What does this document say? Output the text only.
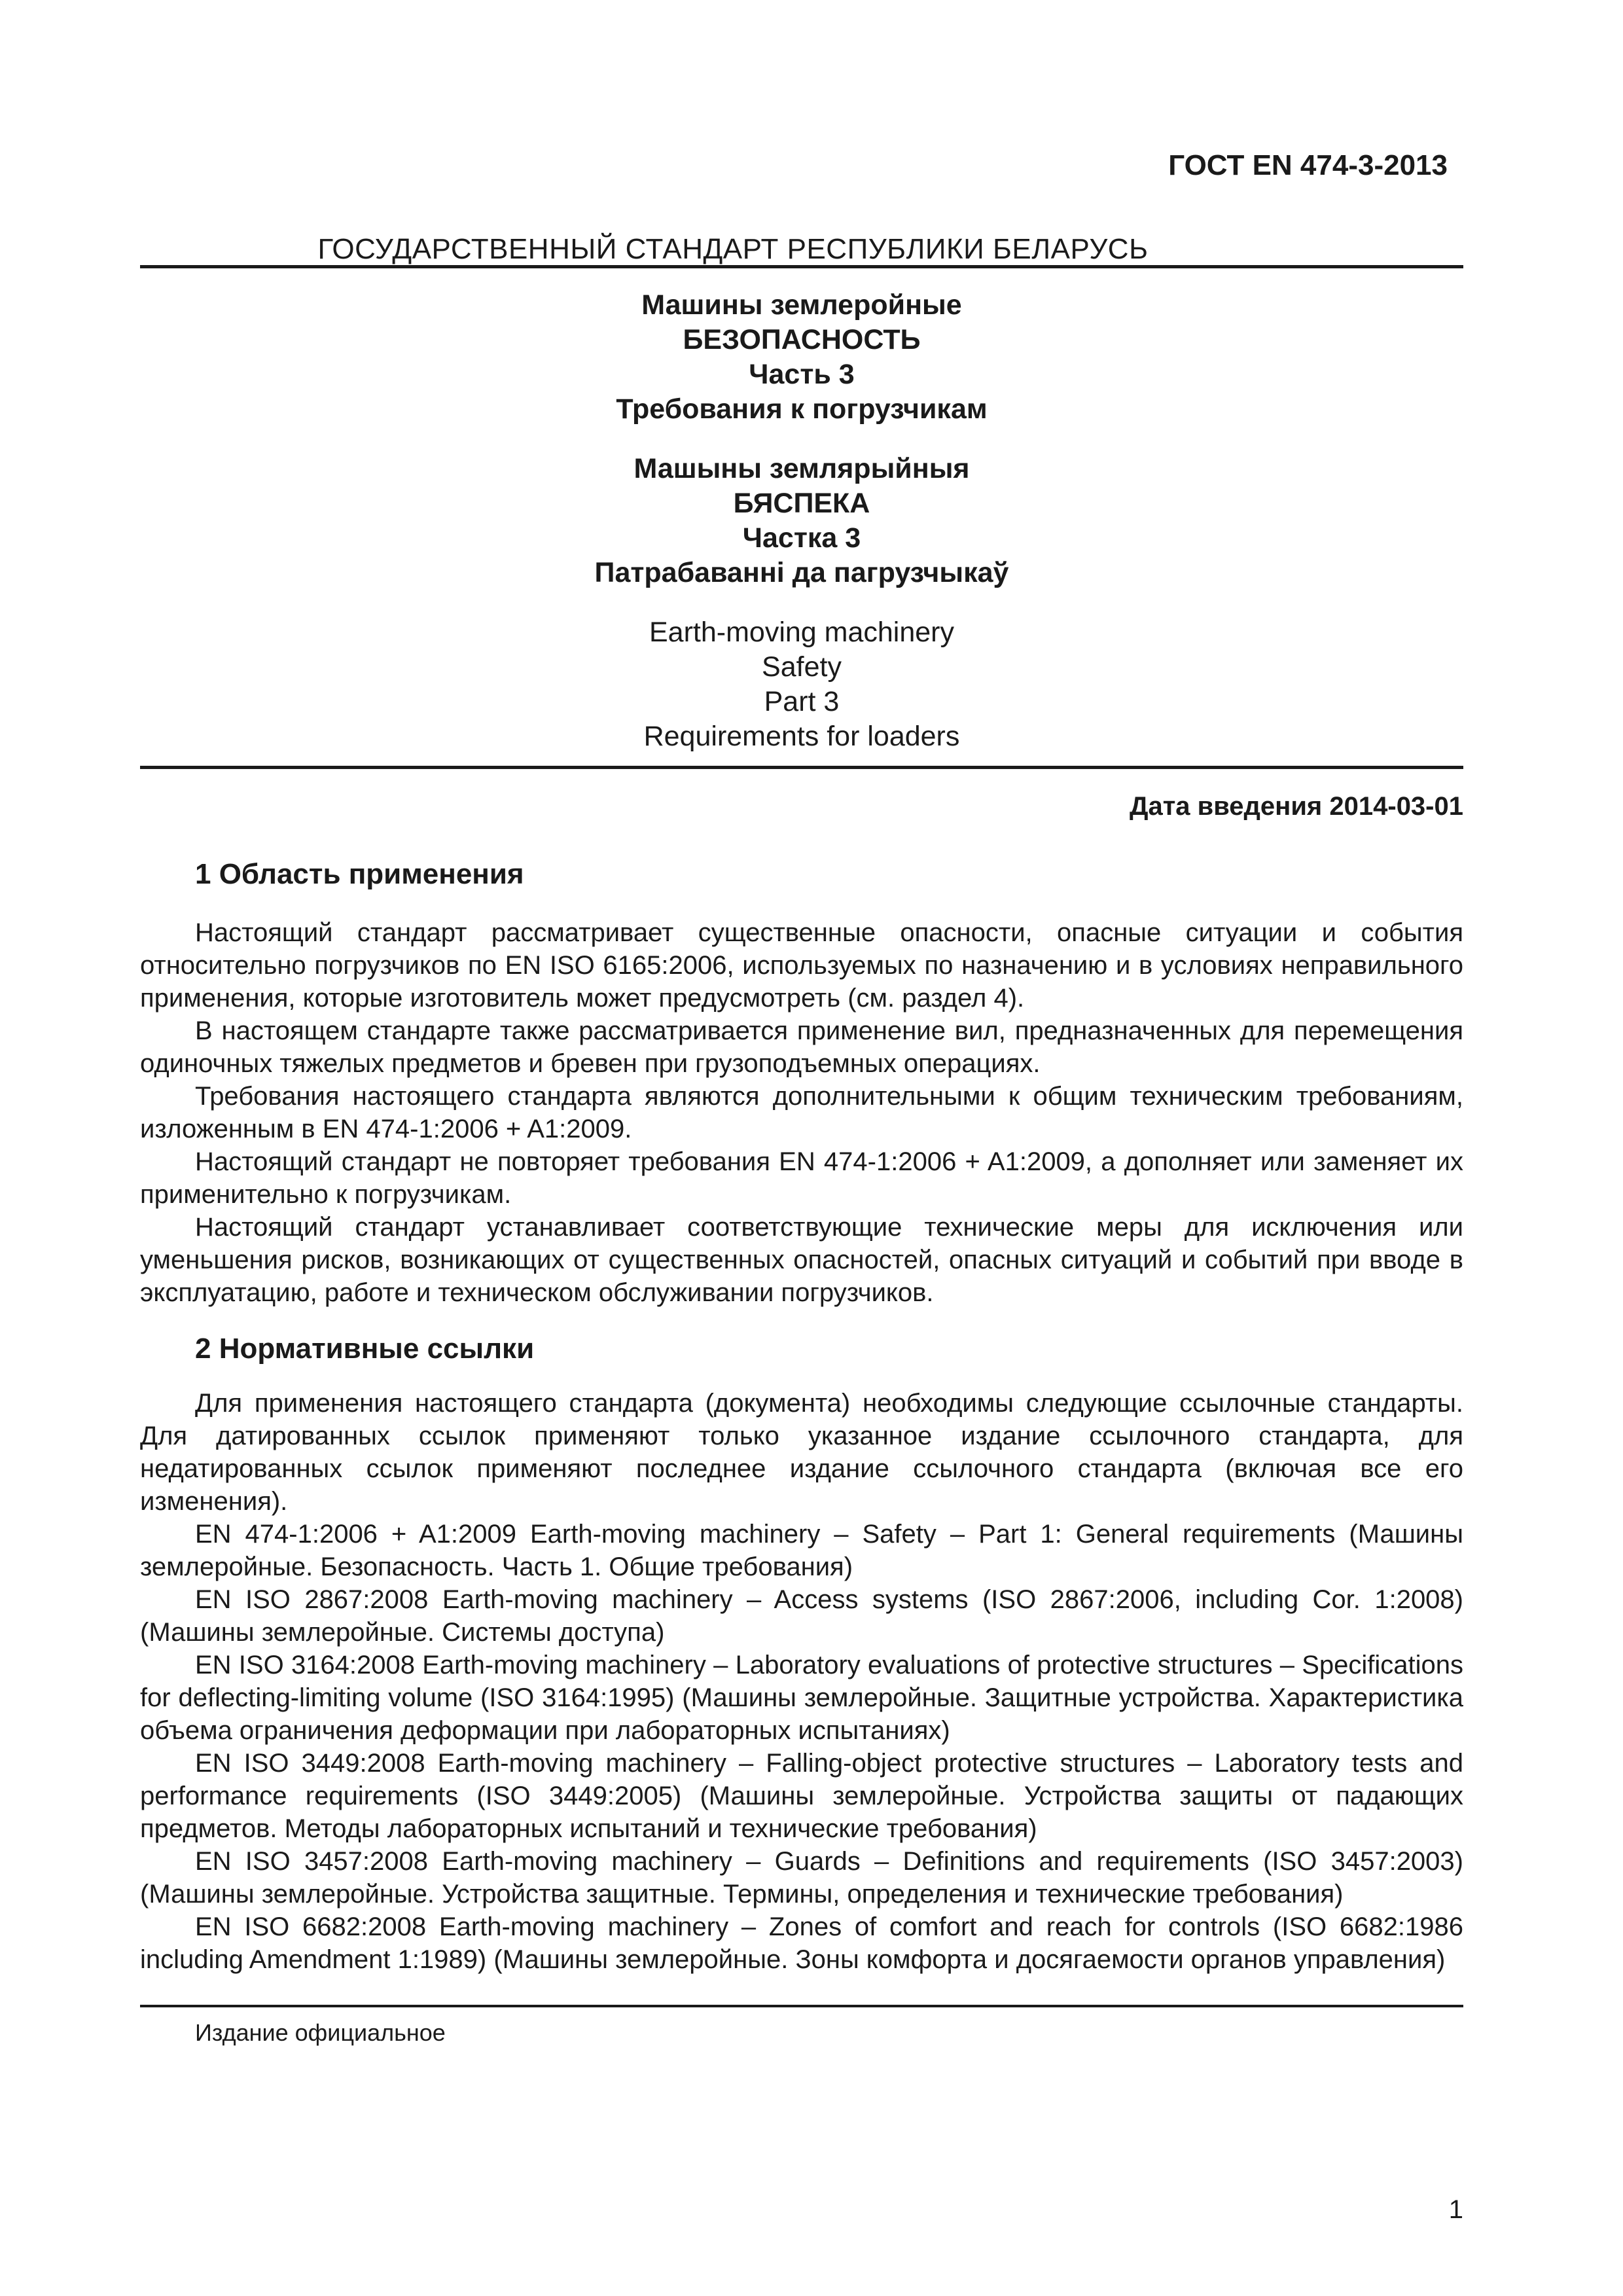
ГОСТ EN 474-3-2013
ГОСУДАРСТВЕННЫЙ СТАНДАРТ РЕСПУБЛИКИ БЕЛАРУСЬ
Машины землеройные
БЕЗОПАСНОСТЬ
Часть 3
Требования к погрузчикам
Машыны землярыйныя
БЯСПЕКА
Частка 3
Патрабаванні да пагрузчыкаў
Earth-moving machinery
Safety
Part 3
Requirements for loaders
Дата введения 2014-03-01
1 Область применения

Настоящий стандарт рассматривает существенные опасности, опасные ситуации и события относительно погрузчиков по EN ISO 6165:2006, используемых по назначению и в условиях неправильного применения, которые изготовитель может предусмотреть (см. раздел 4).

В настоящем стандарте также рассматривается применение вил, предназначенных для перемещения одиночных тяжелых предметов и бревен при грузоподъемных операциях.

Требования настоящего стандарта являются дополнительными к общим техническим требованиям, изложенным в EN 474-1:2006 + A1:2009.

Настоящий стандарт не повторяет требования EN 474-1:2006 + A1:2009, а дополняет или заменяет их применительно к погрузчикам.

Настоящий стандарт устанавливает соответствующие технические меры для исключения или уменьшения рисков, возникающих от существенных опасностей, опасных ситуаций и событий при вводе в эксплуатацию, работе и техническом обслуживании погрузчиков.

2 Нормативные ссылки

Для применения настоящего стандарта (документа) необходимы следующие ссылочные стандарты. Для датированных ссылок применяют только указанное издание ссылочного стандарта, для недатированных ссылок применяют последнее издание ссылочного стандарта (включая все его изменения).

EN 474-1:2006 + A1:2009 Earth-moving machinery – Safety – Part 1: General requirements (Машины землеройные. Безопасность. Часть 1. Общие требования)

EN ISO 2867:2008 Earth-moving machinery – Access systems (ISO 2867:2006, including Cor. 1:2008) (Машины землеройные. Системы доступа)

EN ISO 3164:2008 Earth-moving machinery – Laboratory evaluations of protective structures – Specifications for deflecting-limiting volume (ISO 3164:1995) (Машины землеройные. Защитные устройства. Характеристика объема ограничения деформации при лабораторных испытаниях)

EN ISO 3449:2008 Earth-moving machinery – Falling-object protective structures – Laboratory tests and performance requirements (ISO 3449:2005) (Машины землеройные. Устройства защиты от падающих предметов. Методы лабораторных испытаний и технические требования)

EN ISO 3457:2008 Earth-moving machinery – Guards – Definitions and requirements (ISO 3457:2003) (Машины землеройные. Устройства защитные. Термины, определения и технические требования)

EN ISO 6682:2008 Earth-moving machinery – Zones of comfort and reach for controls (ISO 6682:1986 including Amendment 1:1989) (Машины землеройные. Зоны комфорта и досягаемости органов управления)

Издание официальное
1
